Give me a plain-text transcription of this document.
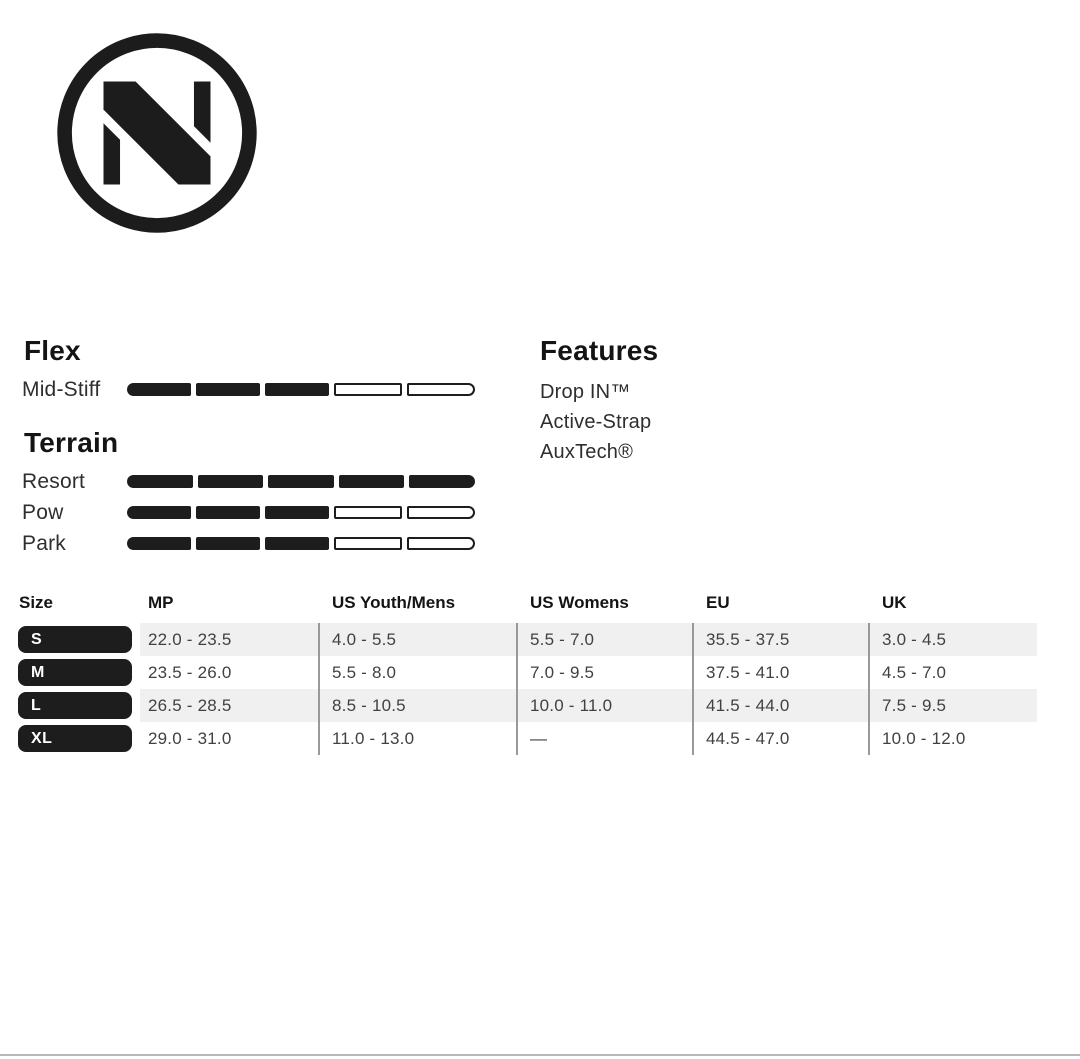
Flex
Mid-Stiff
Terrain
Resort
Pow
Park
Features
Drop IN™
Active-Strap
AuxTech®
Size	MP	US Youth/Mens	US Womens	EU	UK
S	22.0 - 23.5	4.0 - 5.5	5.5 - 7.0	35.5 - 37.5	3.0 - 4.5
M	23.5 - 26.0	5.5 - 8.0	7.0 - 9.5	37.5 - 41.0	4.5 - 7.0
L	26.5 - 28.5	8.5 - 10.5	10.0 - 11.0	41.5 - 44.0	7.5 - 9.5
XL	29.0 - 31.0	11.0 - 13.0	—	44.5 - 47.0	10.0 - 12.0
